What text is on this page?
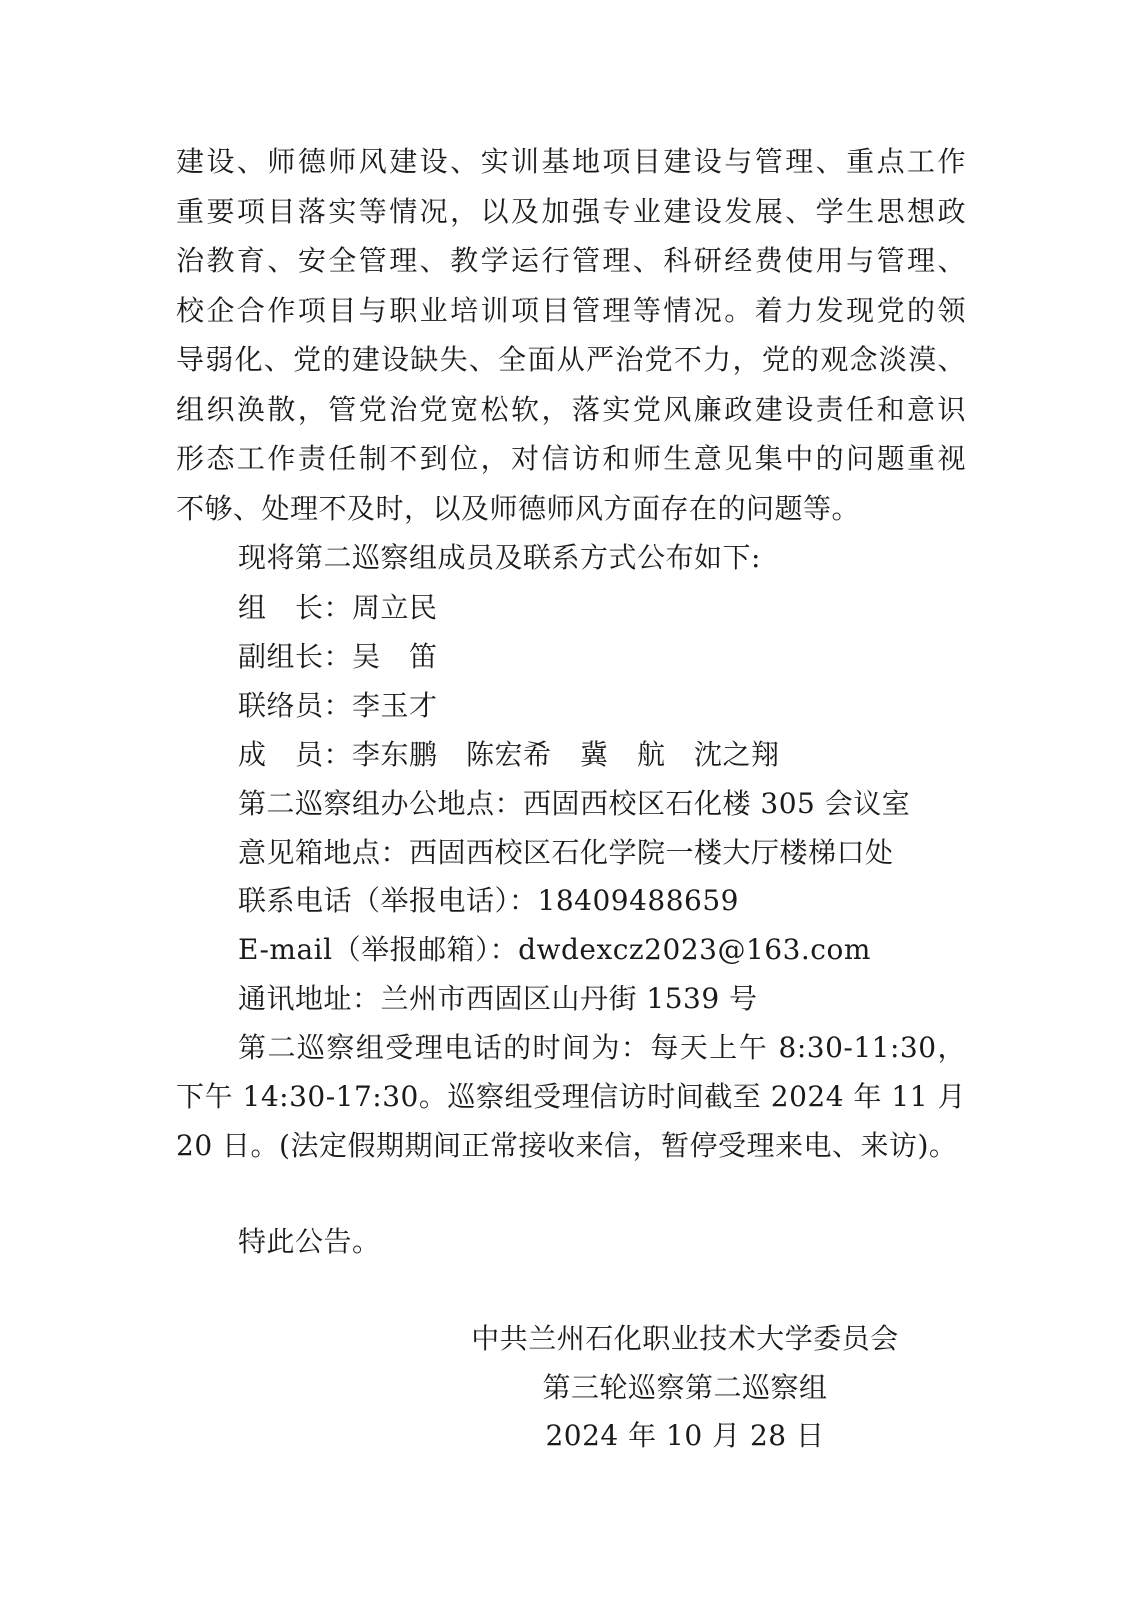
建设、师德师风建设、实训基地项目建设与管理、重点工作
重要项目落实等情况，以及加强专业建设发展、学生思想政
治教育、安全管理、教学运行管理、科研经费使用与管理、
校企合作项目与职业培训项目管理等情况。着力发现党的领
导弱化、党的建设缺失、全面从严治党不力，党的观念淡漠、
组织涣散，管党治党宽松软，落实党风廉政建设责任和意识
形态工作责任制不到位，对信访和师生意见集中的问题重视
不够、处理不及时，以及师德师风方面存在的问题等。
现将第二巡察组成员及联系方式公布如下:
组　长：周立民
副组长：吴　笛
联络员：李玉才
成　员：李东鹏　陈宏希　冀　航　沈之翔
第二巡察组办公地点：西固西校区石化楼 305 会议室
意见箱地点：西固西校区石化学院一楼大厅楼梯口处
联系电话（举报电话）：18409488659
E-mail（举报邮箱）：dwdexcz2023@163.com
通讯地址：兰州市西固区山丹街 1539 号
第二巡察组受理电话的时间为：每天上午 8:30-11:30，
下午 14:30-17:30。巡察组受理信访时间截至 2024 年 11 月
20 日。(法定假期期间正常接收来信，暂停受理来电、来访)。
特此公告。
中共兰州石化职业技术大学委员会
第三轮巡察第二巡察组
2024 年 10 月 28 日
